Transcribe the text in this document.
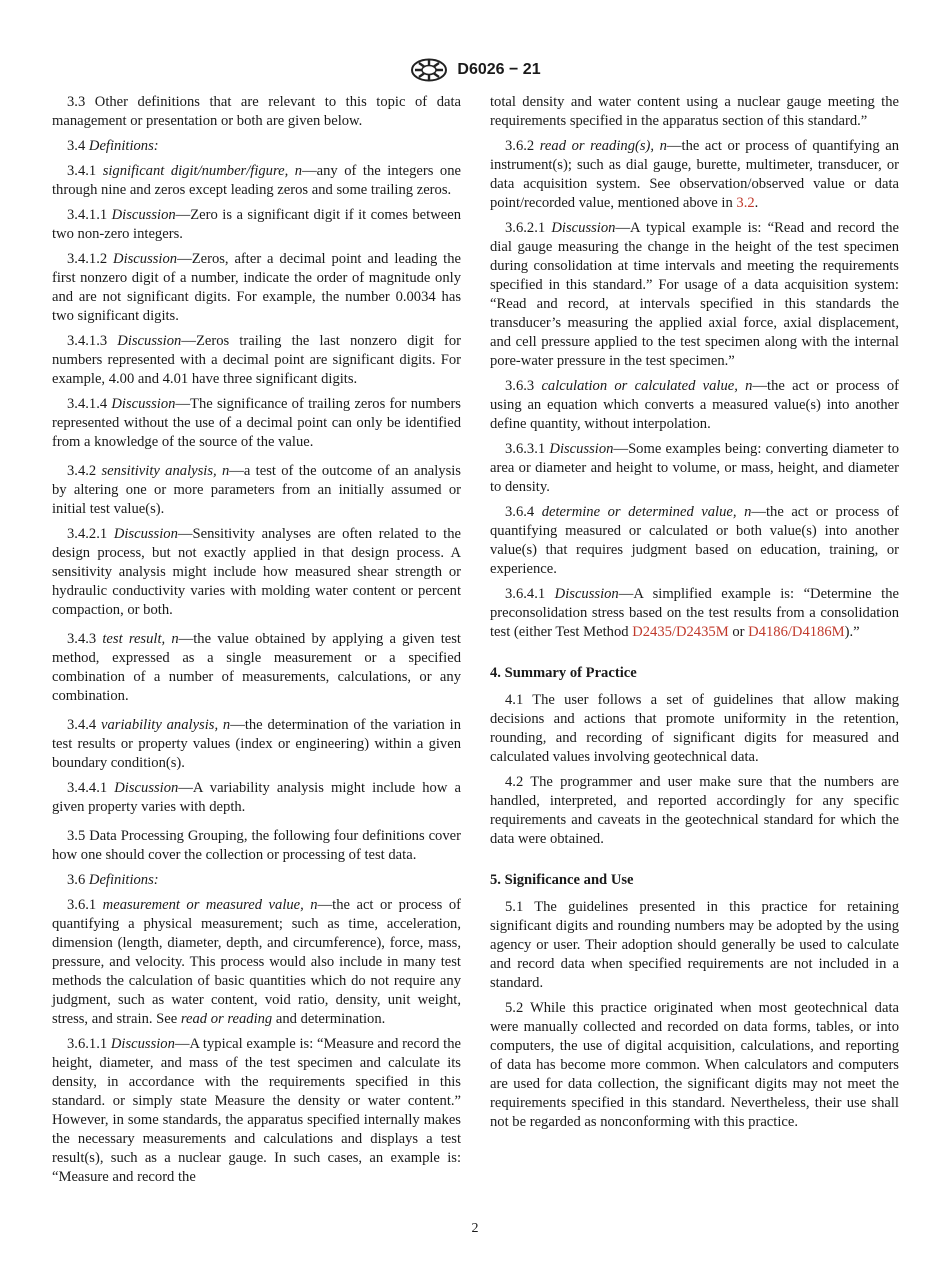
D6026 − 21

3.3 Other definitions that are relevant to this topic of data management or presentation or both are given below.

3.4 Definitions:

3.4.1 significant digit/number/figure, n—any of the integers one through nine and zeros except leading zeros and some trailing zeros.

3.4.1.1 Discussion—Zero is a significant digit if it comes between two non-zero integers.

3.4.1.2 Discussion—Zeros, after a decimal point and leading the first nonzero digit of a number, indicate the order of magnitude only and are not significant digits. For example, the number 0.0034 has two significant digits.

3.4.1.3 Discussion—Zeros trailing the last nonzero digit for numbers represented with a decimal point are significant digits. For example, 4.00 and 4.01 have three significant digits.

3.4.1.4 Discussion—The significance of trailing zeros for numbers represented without the use of a decimal point can only be identified from a knowledge of the source of the value.

3.4.2 sensitivity analysis, n—a test of the outcome of an analysis by altering one or more parameters from an initially assumed or initial test value(s).

3.4.2.1 Discussion—Sensitivity analyses are often related to the design process, but not exactly applied in that design process. A sensitivity analysis might include how measured shear strength or hydraulic conductivity varies with molding water content or percent compaction, or both.

3.4.3 test result, n—the value obtained by applying a given test method, expressed as a single measurement or a specified combination of a number of measurements, calculations, or any combination.

3.4.4 variability analysis, n—the determination of the variation in test results or property values (index or engineering) within a given boundary condition(s).

3.4.4.1 Discussion—A variability analysis might include how a given property varies with depth.

3.5 Data Processing Grouping, the following four definitions cover how one should cover the collection or processing of test data.

3.6 Definitions:

3.6.1 measurement or measured value, n—the act or process of quantifying a physical measurement; such as time, acceleration, dimension (length, diameter, depth, and circumference), force, mass, pressure, and velocity. This process would also include in many test methods the calculation of basic quantities which do not require any judgment, such as water content, void ratio, density, unit weight, stress, and strain. See read or reading and determination.

3.6.1.1 Discussion—A typical example is: “Measure and record the height, diameter, and mass of the test specimen and calculate its density, in accordance with the requirements specified in this standard. or simply state Measure the density or water content.” However, in some standards, the apparatus specified internally makes the necessary measurements and calculations and displays a test result(s), such as a nuclear gauge. In such cases, an example is: “Measure and record the

total density and water content using a nuclear gauge meeting the requirements specified in the apparatus section of this standard.”

3.6.2 read or reading(s), n—the act or process of quantifying an instrument(s); such as dial gauge, burette, multimeter, transducer, or data acquisition system. See observation/observed value or data point/recorded value, mentioned above in 3.2.

3.6.2.1 Discussion—A typical example is: “Read and record the dial gauge measuring the change in the height of the test specimen during consolidation at time intervals and meeting the requirements specified in this standard.” For usage of a data acquisition system: “Read and record, at intervals specified in this standards the transducer’s measuring the applied axial force, axial displacement, and cell pressure applied to the test specimen along with the internal pore-water pressure in the test specimen.”

3.6.3 calculation or calculated value, n—the act or process of using an equation which converts a measured value(s) into another define quantity, without interpolation.

3.6.3.1 Discussion—Some examples being: converting diameter to area or diameter and height to volume, or mass, height, and diameter to density.

3.6.4 determine or determined value, n—the act or process of quantifying measured or calculated or both value(s) into another value(s) that requires judgment based on education, training, or experience.

3.6.4.1 Discussion—A simplified example is: “Determine the preconsolidation stress based on the test results from a consolidation test (either Test Method D2435/D2435M or D4186/D4186M).”

4. Summary of Practice

4.1 The user follows a set of guidelines that allow making decisions and actions that promote uniformity in the retention, rounding, and recording of significant digits for measured and calculated values involving geotechnical data.

4.2 The programmer and user make sure that the numbers are handled, interpreted, and reported accordingly for any specific requirements and caveats in the geotechnical standard for which the data were obtained.

5. Significance and Use

5.1 The guidelines presented in this practice for retaining significant digits and rounding numbers may be adopted by the using agency or user. Their adoption should generally be used to calculate and record data when specified requirements are not included in a standard.

5.2 While this practice originated when most geotechnical data were manually collected and recorded on data forms, tables, or into computers, the use of digital acquisition, calculations, and reporting of data has become more common. When calculators and computers are used for data collection, the significant digits may not meet the requirements specified in this standard. Nevertheless, their use shall not be regarded as nonconforming with this practice.

2
